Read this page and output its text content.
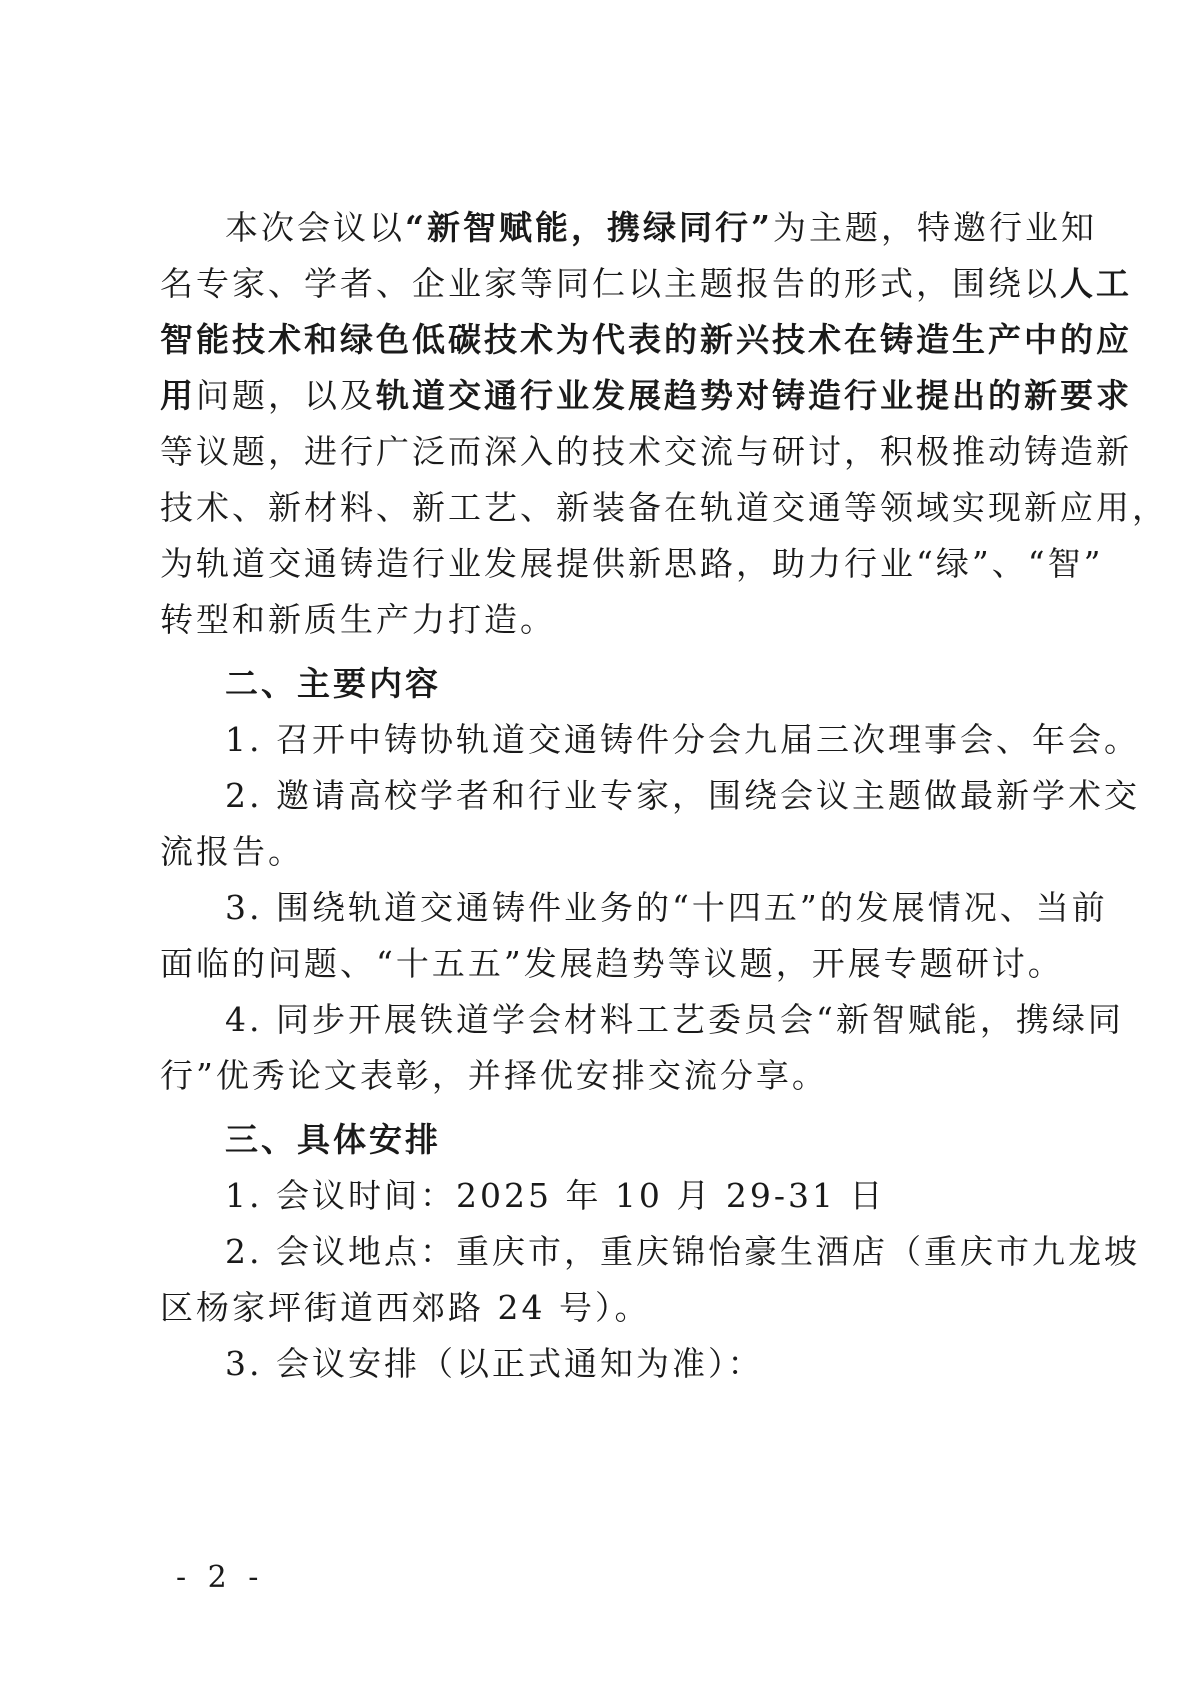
本次会议以“新智赋能，携绿同行”为主题，特邀行业知
名专家、学者、企业家等同仁以主题报告的形式，围绕以人工
智能技术和绿色低碳技术为代表的新兴技术在铸造生产中的应
用问题，以及轨道交通行业发展趋势对铸造行业提出的新要求
等议题，进行广泛而深入的技术交流与研讨，积极推动铸造新
技术、新材料、新工艺、新装备在轨道交通等领域实现新应用，
为轨道交通铸造行业发展提供新思路，助力行业“绿”、“智”
转型和新质生产力打造。
二、主要内容
1. 召开中铸协轨道交通铸件分会九届三次理事会、年会。
2. 邀请高校学者和行业专家，围绕会议主题做最新学术交
流报告。
3. 围绕轨道交通铸件业务的“十四五”的发展情况、当前
面临的问题、“十五五”发展趋势等议题，开展专题研讨。
4. 同步开展铁道学会材料工艺委员会“新智赋能，携绿同
行”优秀论文表彰，并择优安排交流分享。
三、具体安排
1. 会议时间：2025 年 10 月 29-31 日
2. 会议地点：重庆市，重庆锦怡豪生酒店（重庆市九龙坡
区杨家坪街道西郊路 24 号）。
3. 会议安排（以正式通知为准）：
- 2 -
